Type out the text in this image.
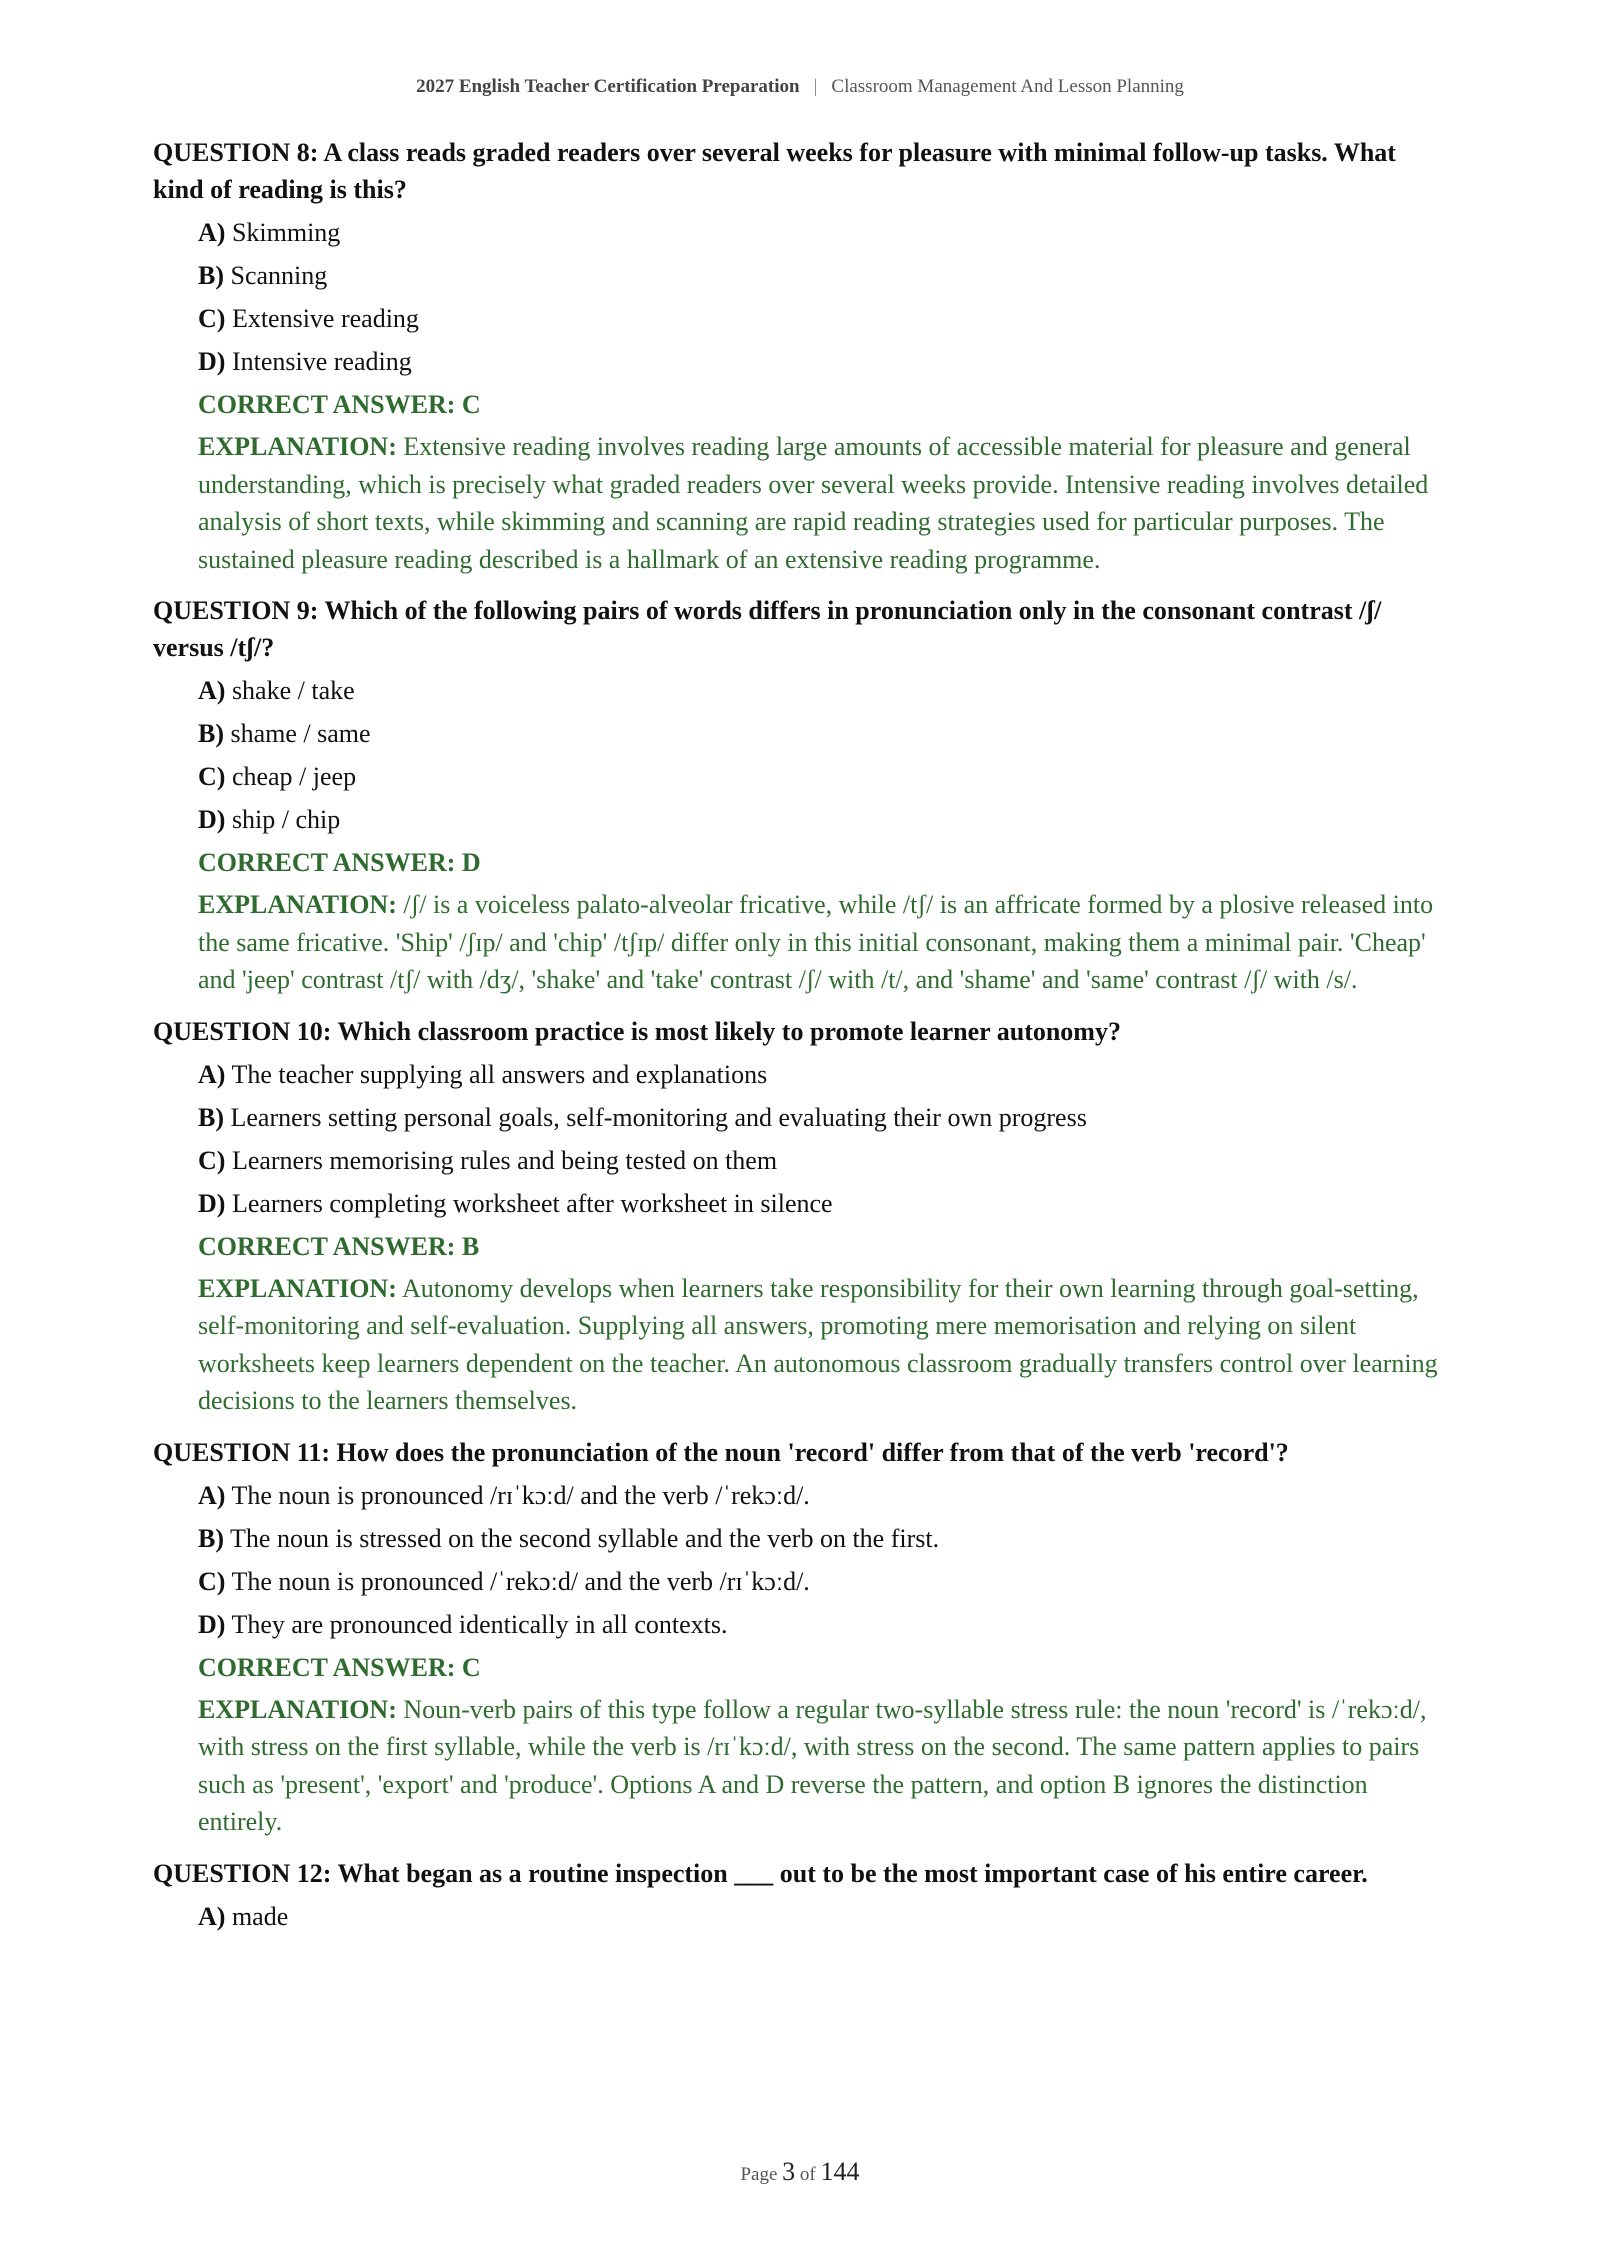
2027 English Teacher Certification Preparation | Classroom Management And Lesson Planning
QUESTION 8: A class reads graded readers over several weeks for pleasure with minimal follow-up tasks. What kind of reading is this?
A) Skimming
B) Scanning
C) Extensive reading
D) Intensive reading
CORRECT ANSWER: C
EXPLANATION: Extensive reading involves reading large amounts of accessible material for pleasure and general understanding, which is precisely what graded readers over several weeks provide. Intensive reading involves detailed analysis of short texts, while skimming and scanning are rapid reading strategies used for particular purposes. The sustained pleasure reading described is a hallmark of an extensive reading programme.
QUESTION 9: Which of the following pairs of words differs in pronunciation only in the consonant contrast /ʃ/ versus /tʃ/?
A) shake / take
B) shame / same
C) cheap / jeep
D) ship / chip
CORRECT ANSWER: D
EXPLANATION: /ʃ/ is a voiceless palato-alveolar fricative, while /tʃ/ is an affricate formed by a plosive released into the same fricative. 'Ship' /ʃɪp/ and 'chip' /tʃɪp/ differ only in this initial consonant, making them a minimal pair. 'Cheap' and 'jeep' contrast /tʃ/ with /dʒ/, 'shake' and 'take' contrast /ʃ/ with /t/, and 'shame' and 'same' contrast /ʃ/ with /s/.
QUESTION 10: Which classroom practice is most likely to promote learner autonomy?
A) The teacher supplying all answers and explanations
B) Learners setting personal goals, self-monitoring and evaluating their own progress
C) Learners memorising rules and being tested on them
D) Learners completing worksheet after worksheet in silence
CORRECT ANSWER: B
EXPLANATION: Autonomy develops when learners take responsibility for their own learning through goal-setting, self-monitoring and self-evaluation. Supplying all answers, promoting mere memorisation and relying on silent worksheets keep learners dependent on the teacher. An autonomous classroom gradually transfers control over learning decisions to the learners themselves.
QUESTION 11: How does the pronunciation of the noun 'record' differ from that of the verb 'record'?
A) The noun is pronounced /rɪˈkɔːd/ and the verb /ˈrekɔːd/.
B) The noun is stressed on the second syllable and the verb on the first.
C) The noun is pronounced /ˈrekɔːd/ and the verb /rɪˈkɔːd/.
D) They are pronounced identically in all contexts.
CORRECT ANSWER: C
EXPLANATION: Noun-verb pairs of this type follow a regular two-syllable stress rule: the noun 'record' is /ˈrekɔːd/, with stress on the first syllable, while the verb is /rɪˈkɔːd/, with stress on the second. The same pattern applies to pairs such as 'present', 'export' and 'produce'. Options A and D reverse the pattern, and option B ignores the distinction entirely.
QUESTION 12: What began as a routine inspection ___ out to be the most important case of his entire career.
A) made
Page 3 of 144
